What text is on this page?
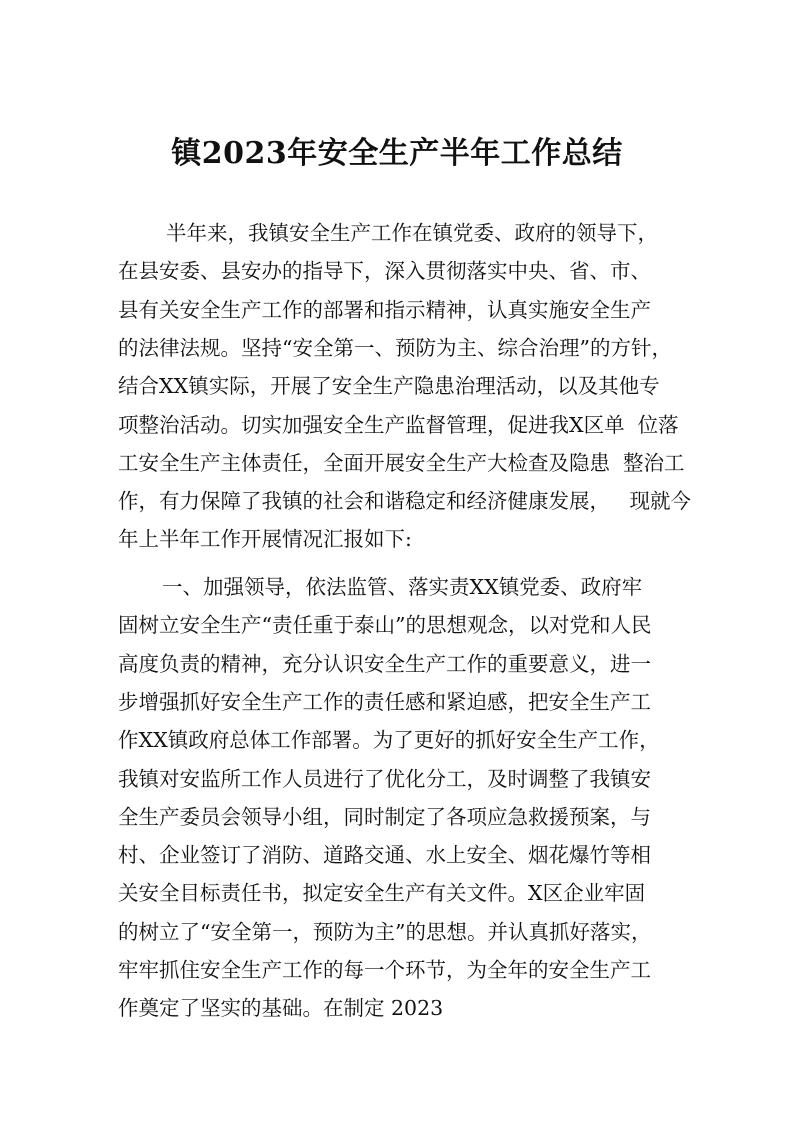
镇2023年安全生产半年工作总结
半年来，我镇安全生产工作在镇党委、政府的领导下，
在县安委、县安办的指导下，深入贯彻落实中央、省、市、
县有关安全生产工作的部署和指示精神，认真实施安全生产
的法律法规。坚持“安全第一、预防为主、综合治理”的方针，
结合XX镇实际，开展了安全生产隐患治理活动，以及其他专
项整治活动。切实加强安全生产监督管理，促进我X区单  位落
工安全生产主体责任，全面开展安全生产大检查及隐患  整治工
作，有力保障了我镇的社会和谐稳定和经济健康发展，   现就今
年上半年工作开展情况汇报如下:
一、加强领导，依法监管、落实责XX镇党委、政府牢
固树立安全生产“责任重于泰山”的思想观念，以对党和人民
高度负责的精神，充分认识安全生产工作的重要意义，进一
步增强抓好安全生产工作的责任感和紧迫感，把安全生产工
作XX镇政府总体工作部署。为了更好的抓好安全生产工作，
我镇对安监所工作人员进行了优化分工，及时调整了我镇安
全生产委员会领导小组，同时制定了各项应急救援预案，与
村、企业签订了消防、道路交通、水上安全、烟花爆竹等相
关安全目标责任书，拟定安全生产有关文件。X区企业牢固
的树立了“安全第一，预防为主”的思想。并认真抓好落实，
牢牢抓住安全生产工作的每一个环节，为全年的安全生产工
作奠定了坚实的基础。在制定 2023
